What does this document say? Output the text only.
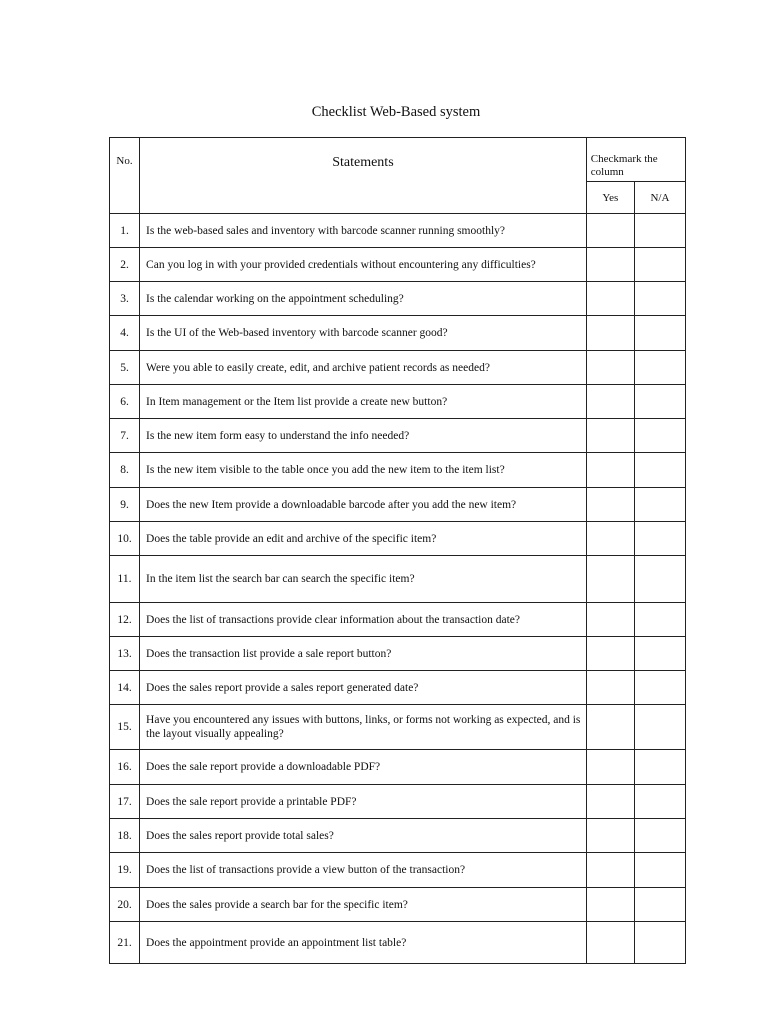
Checklist Web-Based system
No.	Statements	Checkmark the column	
		Yes	N/A
1.	Is the web-based sales and inventory with barcode scanner running smoothly?		
2.	Can you log in with your provided credentials without encountering any difficulties?		
3.	Is the calendar working on the appointment scheduling?		
4.	Is the UI of the Web-based inventory with barcode scanner good?		
5.	Were you able to easily create, edit, and archive patient records as needed?		
6.	In Item management or the Item list provide a create new button?		
7.	Is the new item form easy to understand the info needed?		
8.	Is the new item visible to the table once you add the new item to the item list?		
9.	Does the new Item provide a downloadable barcode after you add the new item?		
10.	Does the table provide an edit and archive of the specific item?		
11.	In the item list the search bar can search the specific item?		
12.	Does the list of transactions provide clear information about the transaction date?		
13.	Does the transaction list provide a sale report button?		
14.	Does the sales report provide a sales report generated date?		
15.	Have you encountered any issues with buttons, links, or forms not working as expected, and is the layout visually appealing?		
16.	Does the sale report provide a downloadable PDF?		
17.	Does the sale report provide a printable PDF?		
18.	Does the sales report provide total sales?		
19.	Does the list of transactions provide a view button of the transaction?		
20.	Does the sales provide a search bar for the specific item?		
21.	Does the appointment provide an appointment list table?		
